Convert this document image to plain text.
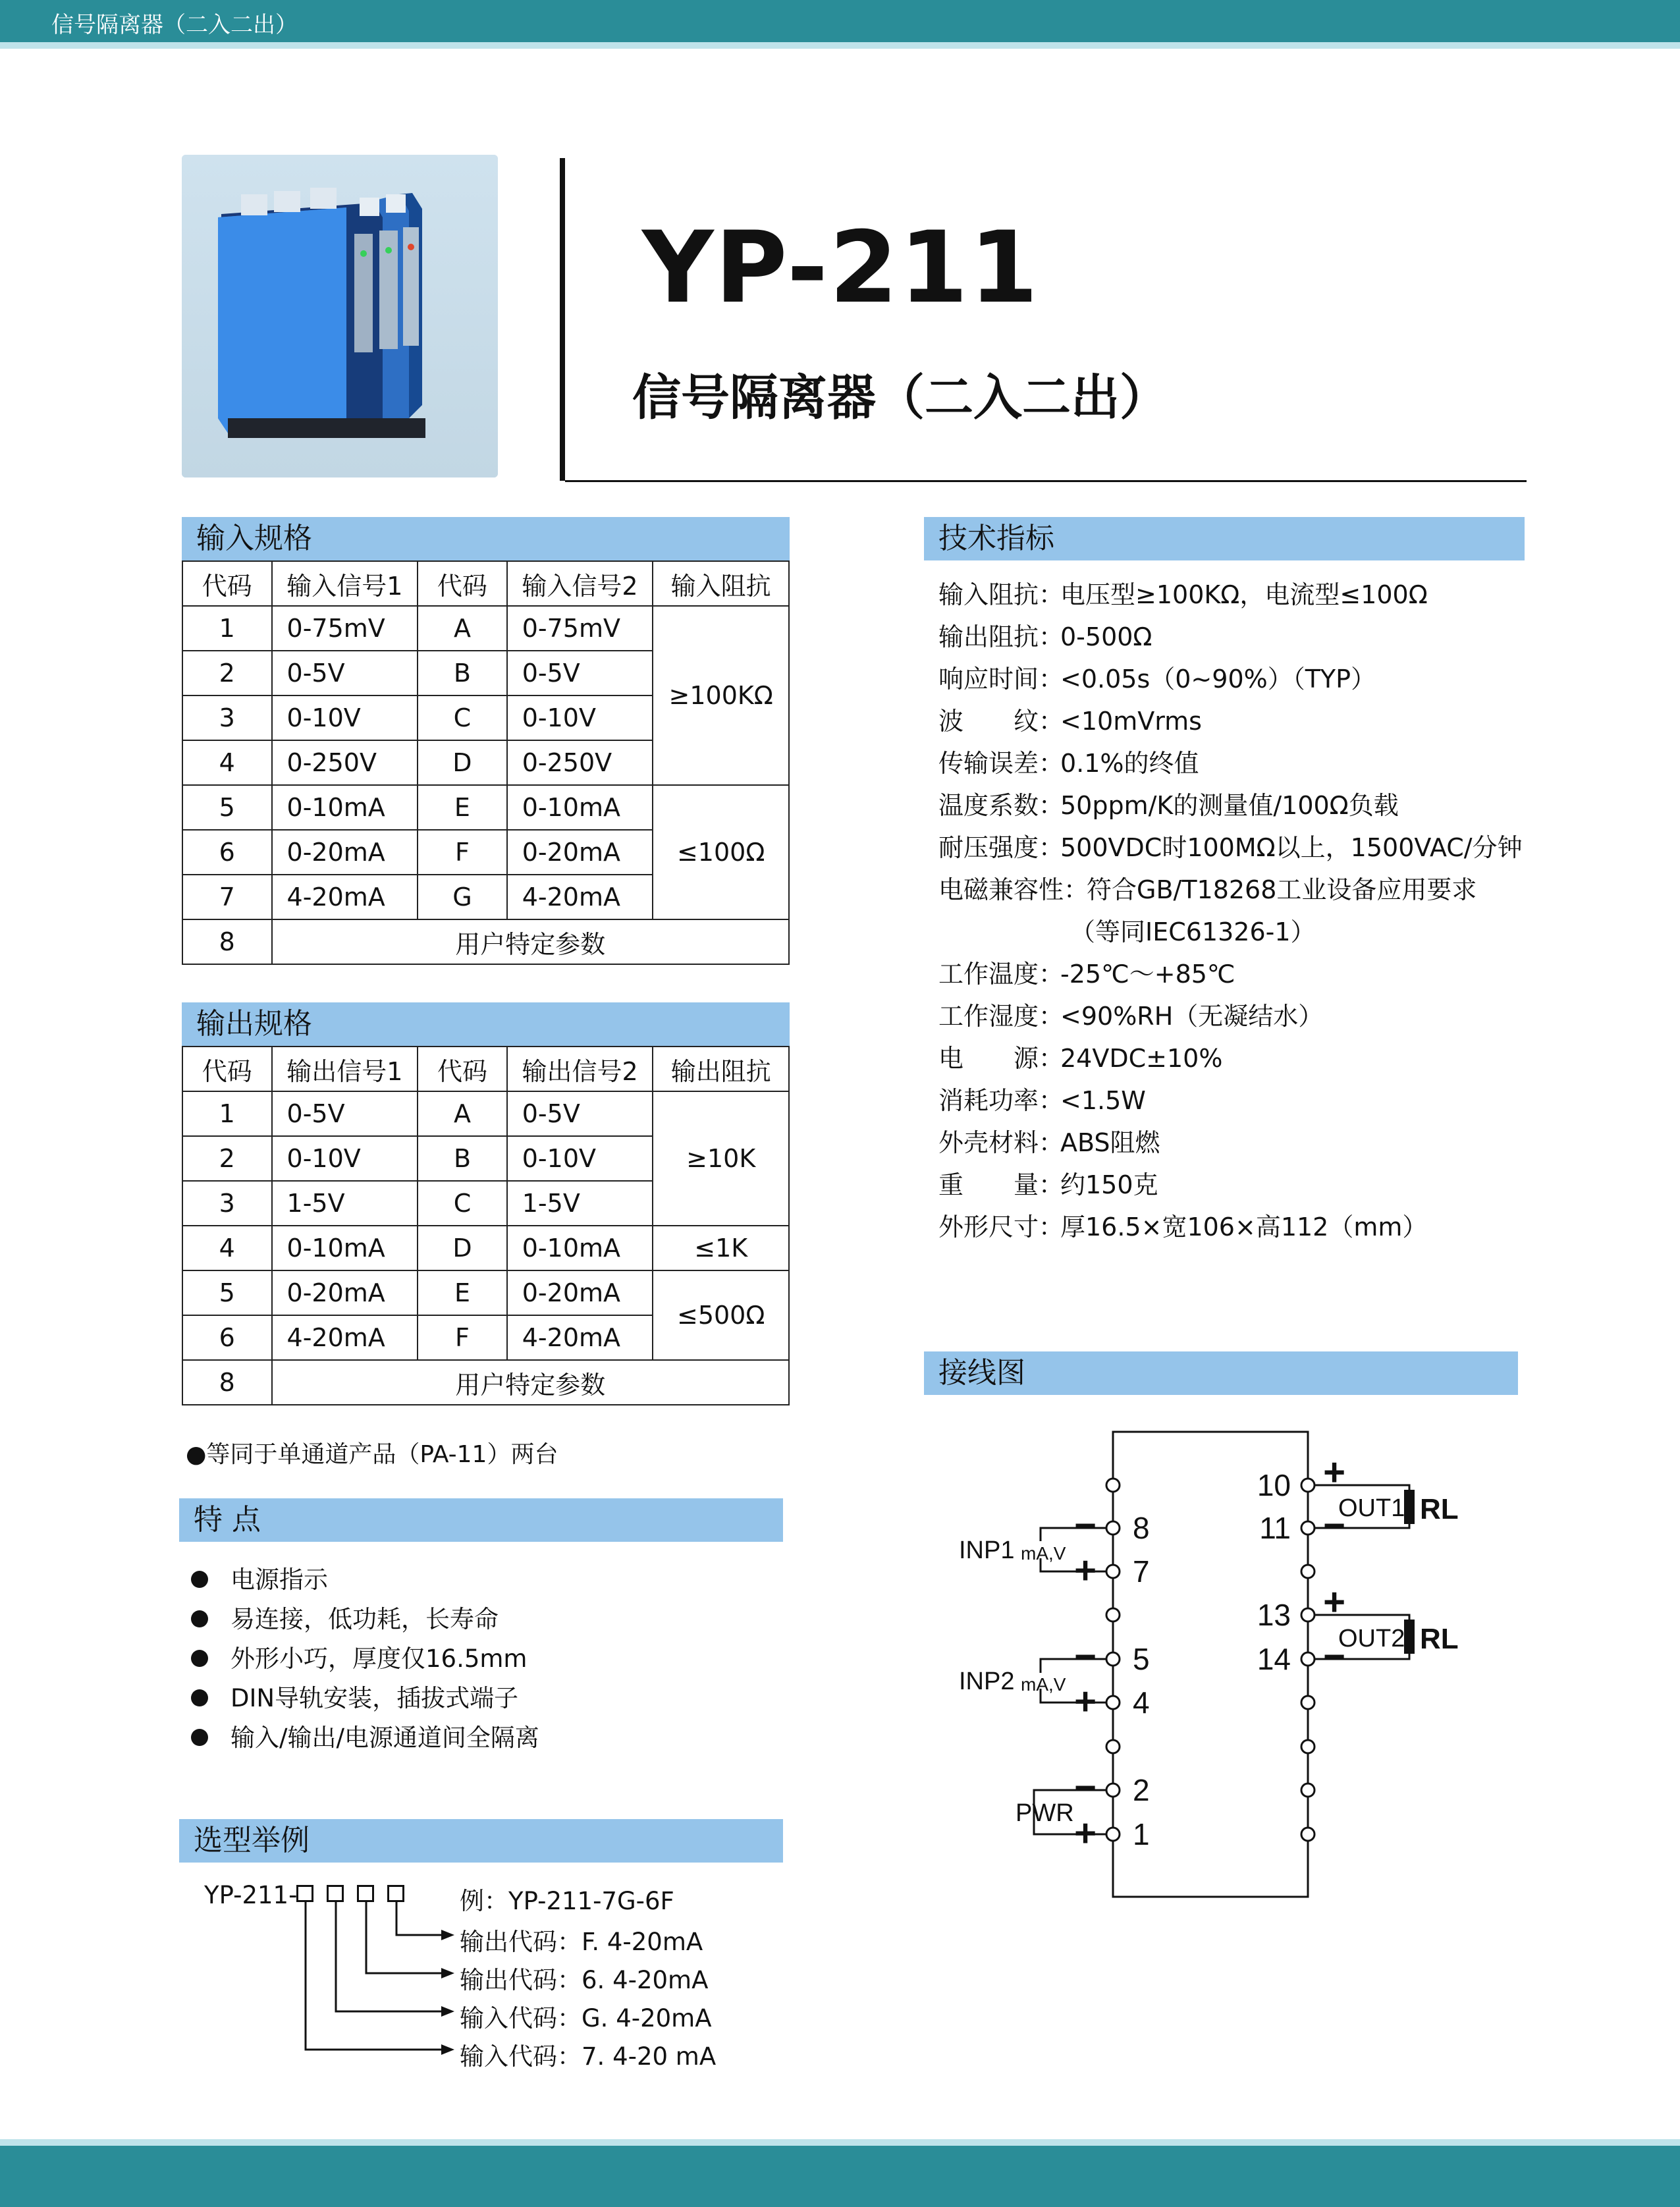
信号隔离器（二入二出）
YP-211
信号隔离器（二入二出）
输入规格
代码	输入信号1	代码	输入信号2	输入阻抗
1	0-75mV	A	0-75mV	≥100KΩ
2	0-5V	B	0-5V	
3	0-10V	C	0-10V	
4	0-250V	D	0-250V	
5	0-10mA	E	0-10mA	≤100Ω
6	0-20mA	F	0-20mA	
7	4-20mA	G	4-20mA	
8	用户特定参数			
输出规格
代码	输出信号1	代码	输出信号2	输出阻抗
1	0-5V	A	0-5V	≥10K
2	0-10V	B	0-10V	
3	1-5V	C	1-5V	
4	0-10mA	D	0-10mA	≤1K
5	0-20mA	E	0-20mA	≤500Ω
6	4-20mA	F	4-20mA	
8	用户特定参数			
●等同于单通道产品（PA-11）两台
特 点
电源指示
易连接，低功耗，长寿命
外形小巧，厚度仅16.5mm
DIN导轨安装，插拔式端子
输入/输出/电源通道间全隔离
选型举例
YP-211-	例：YP-211-7G-6F
输出代码：F. 4-20mA
输出代码：6. 4-20mA
输入代码：G. 4-20mA
输入代码：7. 4-20 mA
技术指标
输入阻抗：电压型≥100KΩ，电流型≤100Ω
输出阻抗：0-500Ω
响应时间：<0.05s（0~90%）（TYP）
波　　纹：<10mVrms
传输误差：0.1%的终值
温度系数：50ppm/K的测量值/100Ω负载
耐压强度：500VDC时100MΩ以上，1500VAC/分钟
电磁兼容性：符合GB/T18268工业设备应用要求
（等同IEC61326-1）
工作温度：-25℃～+85℃
工作湿度：<90%RH（无凝结水）
电　　源：24VDC±10%
消耗功率：<1.5W
外壳材料：ABS阻燃
重　　量：约150克
外形尺寸：厚16.5×宽106×高112（mm）
接线图
8
7
5
4
2
1
10
11
13
14
−
+
−
+
−
+
+
−
+
−
INP1 mA,V
INP2 mA,V
PWR
OUT1
OUT2
RL
RL
